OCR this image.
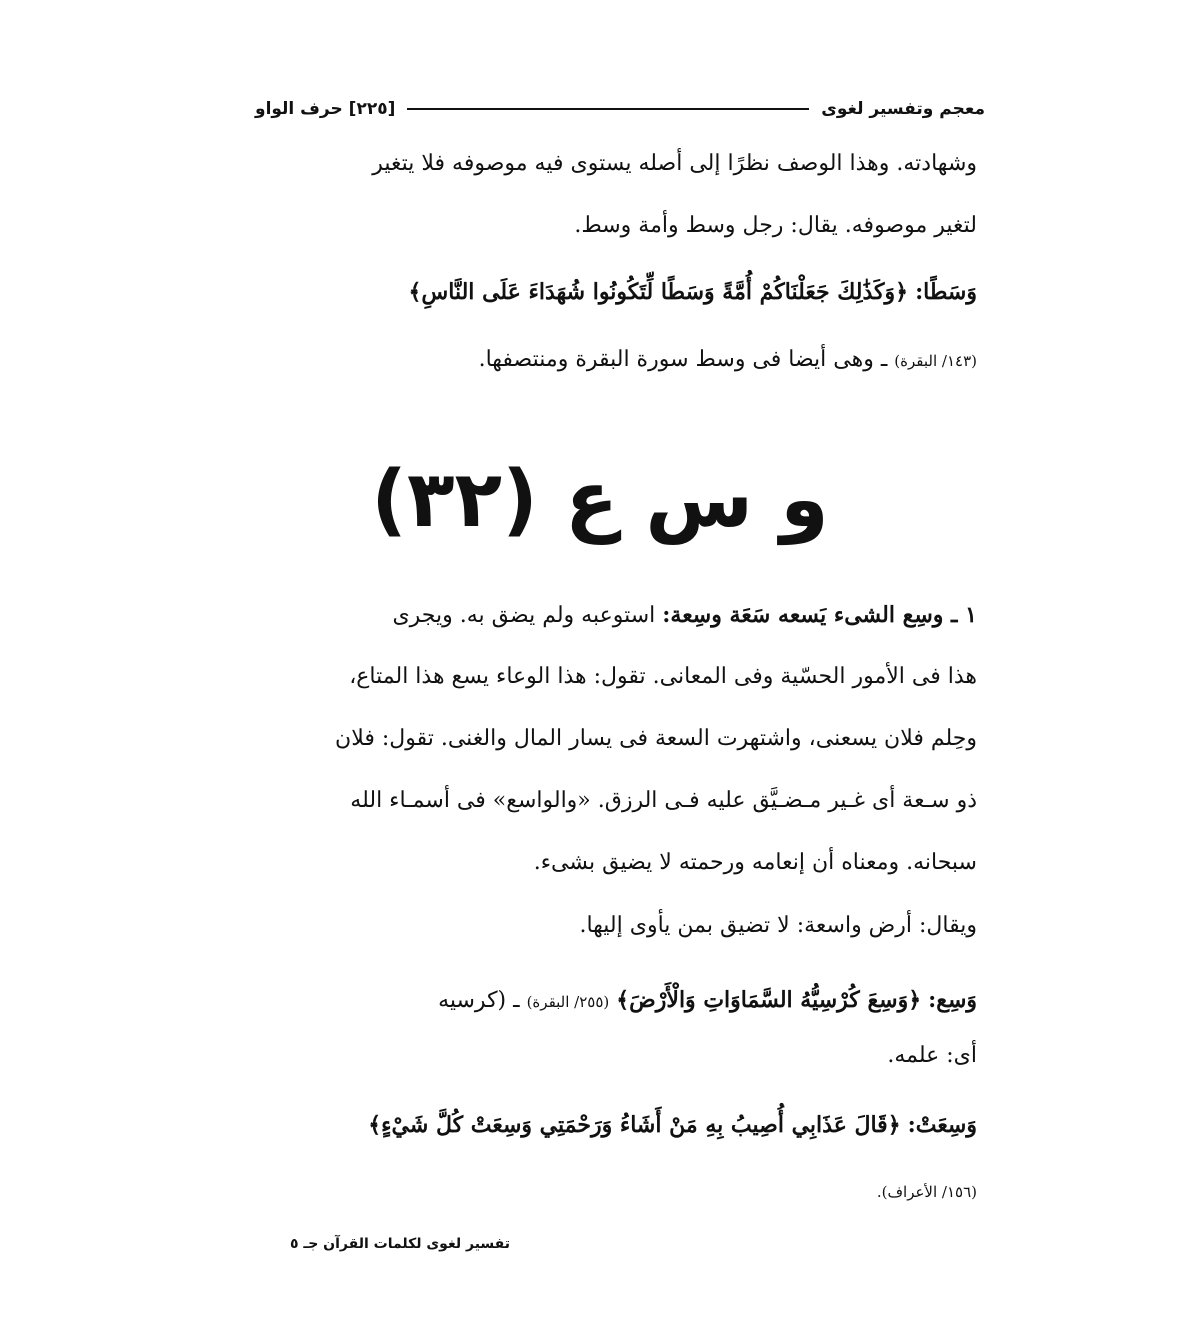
معجم وتفسير لغوى
[٢٢٥] حرف الواو
وشهادته. وهذا الوصف نظرًا إلى أصله يستوى فيه موصوفه فلا يتغير
لتغير موصوفه. يقال: رجل وسط وأمة وسط.
وَسَطًا: ﴿وَكَذَٰلِكَ جَعَلْنَاكُمْ أُمَّةً وَسَطًا لِّتَكُونُوا شُهَدَاءَ عَلَى النَّاسِ﴾
(١٤٣/ البقرة) ـ وهى أيضا فى وسط سورة البقرة ومنتصفها.
و س ع (٣٢)
١ ـ وسِع الشىء يَسعه سَعَة وسِعة: استوعبه ولم يضق به. ويجرى
هذا فى الأمور الحسّية وفى المعانى. تقول: هذا الوعاء يسع هذا المتاع،
وحِلم فلان يسعنى، واشتهرت السعة فى يسار المال والغنى. تقول: فلان
ذو سـعة أى غـير مـضـيَّق عليه فـى الرزق. «والواسع» فى أسمـاء الله
سبحانه. ومعناه أن إنعامه ورحمته لا يضيق بشىء.
ويقال: أرض واسعة: لا تضيق بمن يأوى إليها.
وَسِع: ﴿وَسِعَ كُرْسِيُّهُ السَّمَاوَاتِ وَالْأَرْضَ﴾ (٢٥٥/ البقرة) ـ (كرسيه
أى: علمه.
وَسِعَتْ: ﴿قَالَ عَذَابِي أُصِيبُ بِهِ مَنْ أَشَاءُ وَرَحْمَتِي وَسِعَتْ كُلَّ شَيْءٍ﴾
(١٥٦/ الأعراف).
تفسير لغوى لكلمات القرآن جـ ٥
